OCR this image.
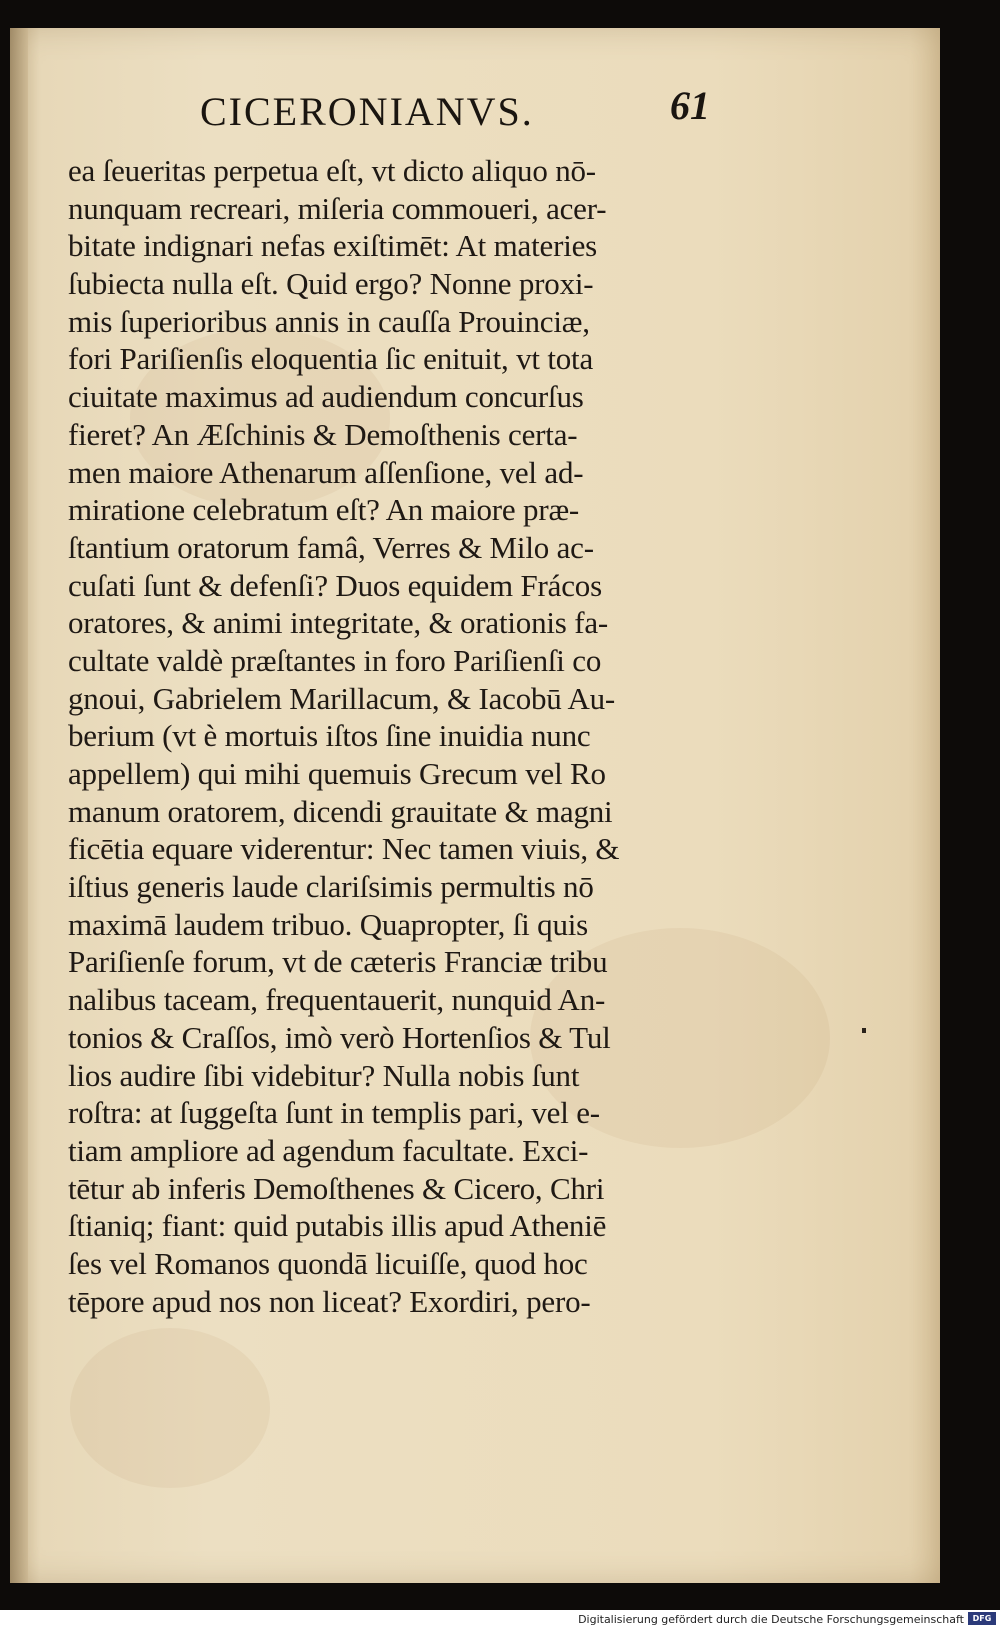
CICERONIANVS.	61
ea ſeueritas perpetua eſt, vt dicto aliquo nō-
nunquam recreari, miſeria commoueri, acer-
bitate indignari nefas exiſtimēt: At materies
ſubiecta nulla eſt. Quid ergo? Nonne proxi-
mis ſuperioribus annis in cauſſa Prouinciæ,
fori Pariſienſis eloquentia ſic enituit, vt tota
ciuitate maximus ad audiendum concurſus
fieret? An Æſchinis & Demoſthenis certa-
men maiore Athenarum aſſenſione, vel ad-
miratione celebratum eſt? An maiore præ-
ſtantium oratorum famâ, Verres & Milo ac-
cuſati ſunt & defenſi? Duos equidem Frácos
oratores, & animi integritate, & orationis fa-
cultate valdè præſtantes in foro Pariſienſi co
gnoui, Gabrielem Marillacum, & Iacobū Au-
berium (vt è mortuis iſtos ſine inuidia nunc
appellem) qui mihi quemuis Grecum vel Ro
manum oratorem, dicendi grauitate & magni
ficētia equare viderentur: Nec tamen viuis, &
iſtius generis laude clariſsimis permultis nō
maximā laudem tribuo. Quapropter, ſi quis
Pariſienſe forum, vt de cæteris Franciæ tribu
nalibus taceam, frequentauerit, nunquid An-
tonios & Craſſos, imò verò Hortenſios & Tul
lios audire ſibi videbitur? Nulla nobis ſunt
roſtra: at ſuggeſta ſunt in templis pari, vel e-
tiam ampliore ad agendum facultate. Exci-
tētur ab inferis Demoſthenes & Cicero, Chri
ſtianiq; fiant: quid putabis illis apud Atheniē
ſes vel Romanos quondā licuiſſe, quod hoc
tēpore apud nos non liceat? Exordiri, pero-
Digitalisierung gefördert durch die Deutsche Forschungsgemeinschaft	DFG
